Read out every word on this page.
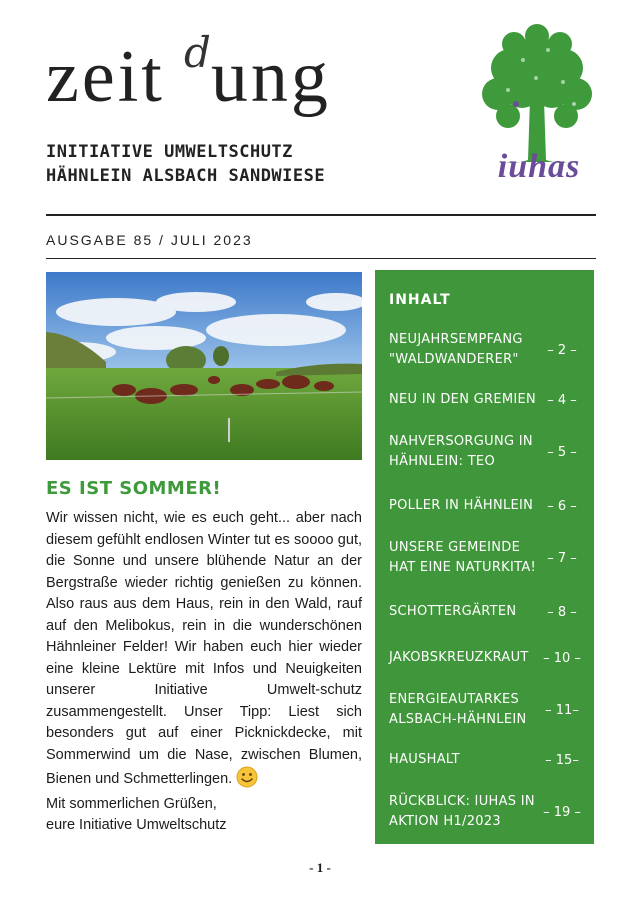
zeit ung
d
INITIATIVE UMWELTSCHUTZ
HÄHNLEIN ALSBACH SANDWIESE	iuhas
AUSGABE 85 / JULI 2023
ES IST SOMMER!
Wir wissen nicht, wie es euch geht... aber nach diesem gefühlt endlosen Winter tut es soooo gut, die Sonne und unsere blühende Natur an der Bergstraße wieder richtig genießen zu können. Also raus aus dem Haus, rein in den Wald, rauf auf den Melibokus, rein in die wunderschönen Hähnleiner Felder! Wir haben euch hier wieder eine kleine Lektüre mit Infos und Neuigkeiten unserer Initiative Umwelt-schutz zusammengestellt. Unser Tipp: Liest sich besonders gut auf einer Picknickdecke, mit Sommerwind um die Nase, zwischen Blumen, Bienen und Schmetterlingen.
Mit sommerlichen Grüßen,
eure Initiative Umweltschutz
INHALT
NEUJAHRSEMPFANG "WALDWANDERER"
– 2 –
NEU IN DEN GREMIEN – 4 –
NAHVERSORGUNG IN HÄHNLEIN: TEO
– 5 –
POLLER IN HÄHNLEIN	– 6 –
UNSERE GEMEINDE HAT EINE NATURKITA!
– 7 –
SCHOTTERGÄRTEN	– 8 –
JAKOBSKREUZKRAUT	– 10 –
ENERGIEAUTARKES ALSBACH-HÄHNLEIN
– 11–
HAUSHALT	– 15–
RÜCKBLICK: IUHAS IN AKTION H1/2023
– 19 –
- 1 -
